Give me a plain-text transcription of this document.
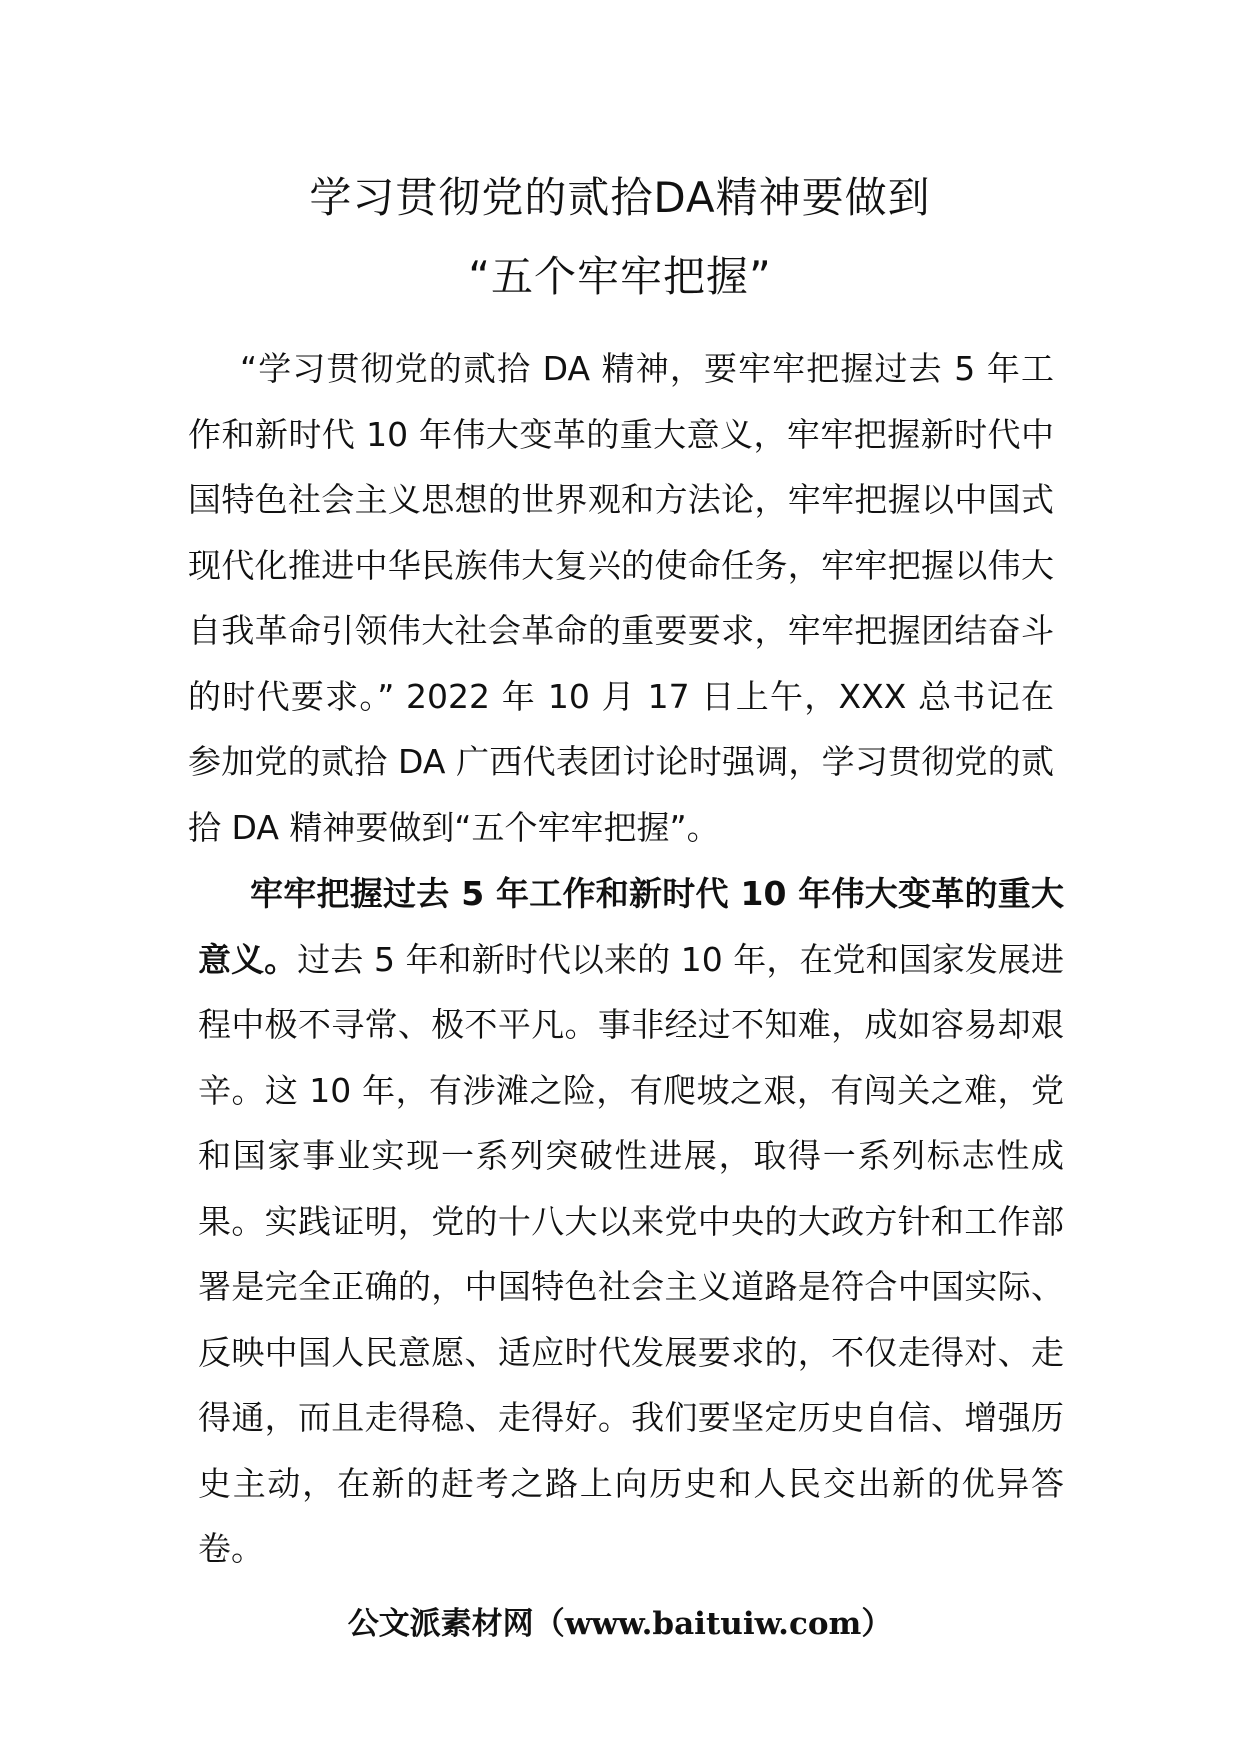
学习贯彻党的贰拾DA精神要做到
“五个牢牢把握”

“学习贯彻党的贰拾 DA 精神，要牢牢把握过去 5 年工作和新时代 10 年伟大变革的重大意义，牢牢把握新时代中国特色社会主义思想的世界观和方法论，牢牢把握以中国式现代化推进中华民族伟大复兴的使命任务，牢牢把握以伟大自我革命引领伟大社会革命的重要要求，牢牢把握团结奋斗的时代要求。” 2022 年 10 月 17 日上午，XXX 总书记在参加党的贰拾 DA 广西代表团讨论时强调，学习贯彻党的贰拾 DA 精神要做到“五个牢牢把握”。

牢牢把握过去 5 年工作和新时代 10 年伟大变革的重大意义。过去 5 年和新时代以来的 10 年，在党和国家发展进程中极不寻常、极不平凡。事非经过不知难，成如容易却艰辛。这 10 年，有涉滩之险，有爬坡之艰，有闯关之难，党和国家事业实现一系列突破性进展，取得一系列标志性成果。实践证明，党的十八大以来党中央的大政方针和工作部署是完全正确的，中国特色社会主义道路是符合中国实际、反映中国人民意愿、适应时代发展要求的，不仅走得对、走得通，而且走得稳、走得好。我们要坚定历史自信、增强历史主动，在新的赶考之路上向历史和人民交出新的优异答卷。

公文派素材网（www.baituiw.com）
